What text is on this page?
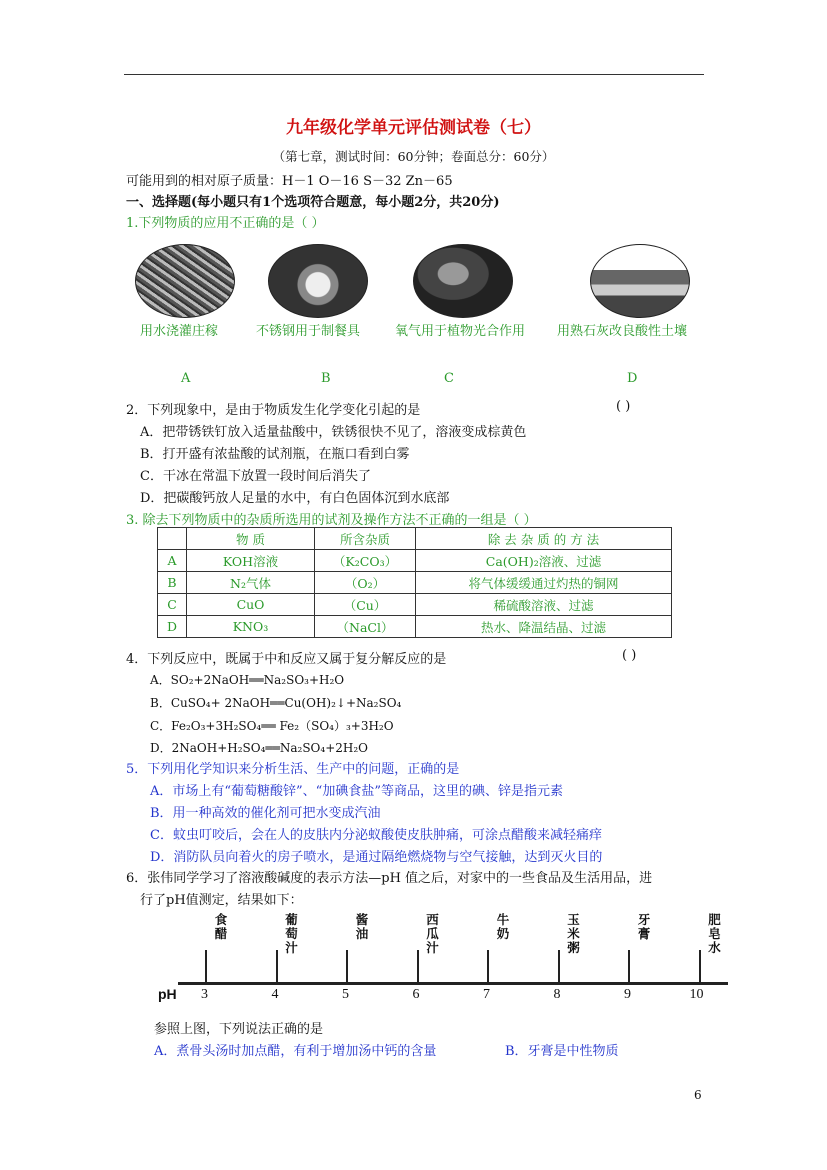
九年级化学单元评估测试卷（七）
（第七章，测试时间：60分钟；卷面总分：60分）
可能用到的相对原子质量：H－1 O－16 S－32 Zn－65
一、选择题(每小题只有1个选项符合题意，每小题2分，共20分)
1.下列物质的应用不正确的是（ ）
用水浇灌庄稼	不锈钢用于制餐具	氧气用于植物光合作用 用熟石灰改良酸性土壤
A	B	C	D
2．下列现象中，是由于物质发生化学变化引起的是	( )
A．把带锈铁钉放入适量盐酸中，铁锈很快不见了，溶液变成棕黄色
B．打开盛有浓盐酸的试剂瓶，在瓶口看到白雾
C．干冰在常温下放置一段时间后消失了
D．把碳酸钙放人足量的水中，有白色固体沉到水底部
3. 除去下列物质中的杂质所选用的试剂及操作方法不正确的一组是（ ）
	物 质	所含杂质	除 去 杂 质 的 方 法
A	KOH溶液	（K₂CO₃）	Ca(OH)₂溶液、过滤
B	N₂气体	（O₂）	将气体缓缓通过灼热的铜网
C	CuO	（Cu）	稀硫酸溶液、过滤
D	KNO₃	（NaCl）	热水、降温结晶、过滤
4．下列反应中，既属于中和反应又属于复分解反应的是	( )
A．SO₂+2NaOH══Na₂SO₃+H₂O
B．CuSO₄+ 2NaOH══Cu(OH)₂↓+Na₂SO₄
C．Fe₂O₃+3H₂SO₄══ Fe₂（SO₄）₃+3H₂O
D．2NaOH+H₂SO₄══Na₂SO₄+2H₂O
5．下列用化学知识来分析生活、生产中的问题，正确的是
A．市场上有“葡萄糖酸锌”、“加碘食盐”等商品，这里的碘、锌是指元素
B．用一种高效的催化剂可把水变成汽油
C．蚊虫叮咬后，会在人的皮肤内分泌蚁酸使皮肤肿痛，可涂点醋酸来减轻痛痒
D．消防队员向着火的房子喷水，是通过隔绝燃烧物与空气接触，达到灭火目的
6．张伟同学学习了溶液酸碱度的表示方法—pH 值之后，对家中的一些食品及生活用品，进
行了pH值测定，结果如下：
pH 3	4	5	6	7	8	9	10
食醋
葡萄汁
酱油
西瓜汁
牛奶
玉米粥
牙膏
肥皂水
参照上图，下列说法正确的是
A．煮骨头汤时加点醋，有利于增加汤中钙的含量	B．牙膏是中性物质
6
